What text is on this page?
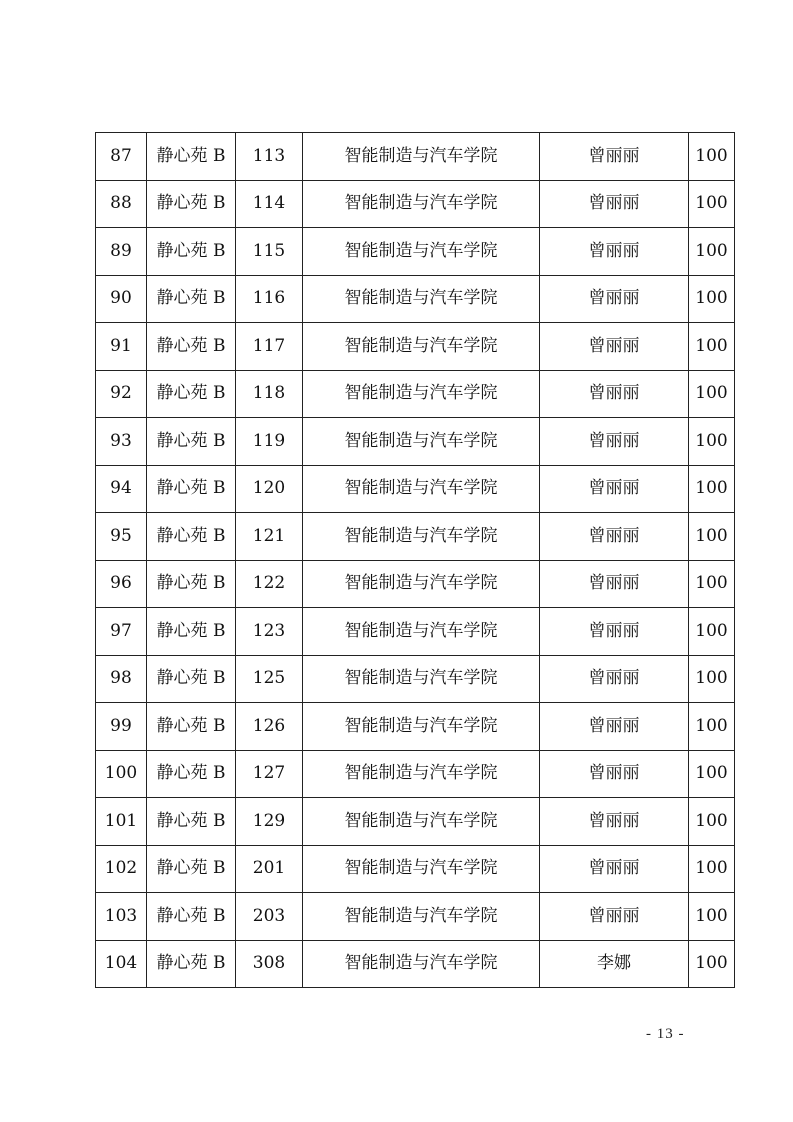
87	静心苑 B	113	智能制造与汽车学院	曾丽丽	100
88	静心苑 B	114	智能制造与汽车学院	曾丽丽	100
89	静心苑 B	115	智能制造与汽车学院	曾丽丽	100
90	静心苑 B	116	智能制造与汽车学院	曾丽丽	100
91	静心苑 B	117	智能制造与汽车学院	曾丽丽	100
92	静心苑 B	118	智能制造与汽车学院	曾丽丽	100
93	静心苑 B	119	智能制造与汽车学院	曾丽丽	100
94	静心苑 B	120	智能制造与汽车学院	曾丽丽	100
95	静心苑 B	121	智能制造与汽车学院	曾丽丽	100
96	静心苑 B	122	智能制造与汽车学院	曾丽丽	100
97	静心苑 B	123	智能制造与汽车学院	曾丽丽	100
98	静心苑 B	125	智能制造与汽车学院	曾丽丽	100
99	静心苑 B	126	智能制造与汽车学院	曾丽丽	100
100	静心苑 B	127	智能制造与汽车学院	曾丽丽	100
101	静心苑 B	129	智能制造与汽车学院	曾丽丽	100
102	静心苑 B	201	智能制造与汽车学院	曾丽丽	100
103	静心苑 B	203	智能制造与汽车学院	曾丽丽	100
104	静心苑 B	308	智能制造与汽车学院	李娜	100
- 13 -
